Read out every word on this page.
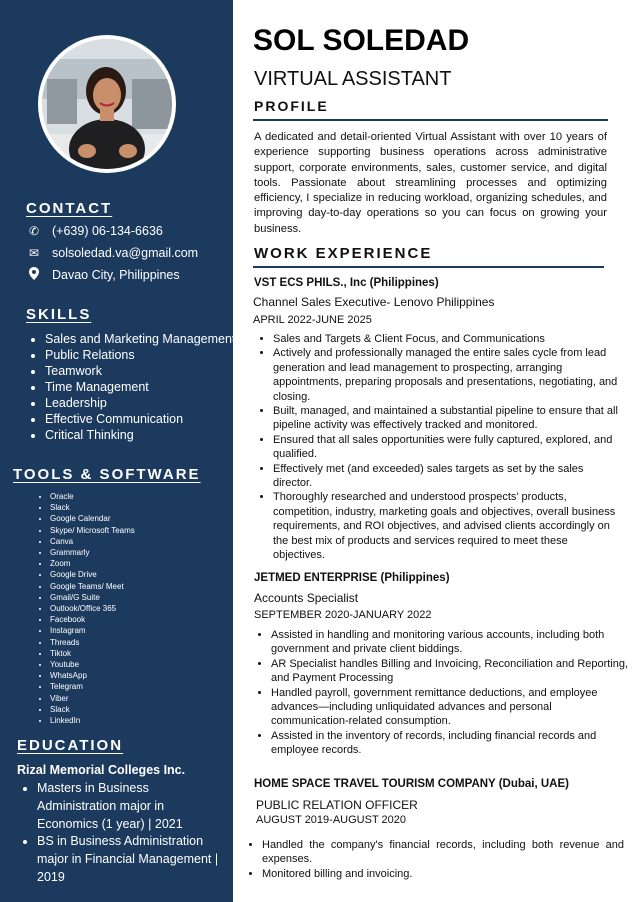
CONTACT
✆ (+639) 06-134-6636
✉ solsoledad.va@gmail.com
Davao City, Philippines
SKILLS
• Sales and Marketing Management
• Public Relations
• Teamwork
• Time Management
• Leadership
• Effective Communication
• Critical Thinking
TOOLS & SOFTWARE
• Oracle
• Slack
• Google Calendar
• Skype/ Microsoft Teams
• Canva
• Grammarly
• Zoom
• Google Drive
• Google Teams/ Meet
• Gmail/G Suite
• Outlook/Office 365
• Facebook
• Instagram
• Threads
• Tiktok
• Youtube
• WhatsApp
• Telegram
• Viber
• Slack
• LinkedIn
EDUCATION
Rizal Memorial Colleges Inc.
• Masters in Business Administration major in Economics (1 year) | 2021
• BS in Business Administration major in Financial Management | 2019
SOL SOLEDAD
VIRTUAL ASSISTANT
PROFILE
A dedicated and detail-oriented Virtual Assistant with over 10 years of experience supporting business operations across administrative support, corporate environments, sales, customer service, and digital tools. Passionate about streamlining processes and optimizing efficiency, I specialize in reducing workload, organizing schedules, and improving day-to-day operations so you can focus on growing your business.
WORK EXPERIENCE
VST ECS PHILS., Inc (Philippines)
Channel Sales Executive- Lenovo Philippines
APRIL 2022-JUNE 2025
• Sales and Targets & Client Focus, and Communications
• Actively and professionally managed the entire sales cycle from lead generation and lead management to prospecting, arranging appointments, preparing proposals and presentations, negotiating, and closing.
• Built, managed, and maintained a substantial pipeline to ensure that all pipeline activity was effectively tracked and monitored.
• Ensured that all sales opportunities were fully captured, explored, and qualified.
• Effectively met (and exceeded) sales targets as set by the sales director.
• Thoroughly researched and understood prospects’ products, competition, industry, marketing goals and objectives, overall business requirements, and ROI objectives, and advised clients accordingly on the best mix of products and services required to meet these objectives.
JETMED ENTERPRISE (Philippines)
Accounts Specialist
SEPTEMBER 2020-JANUARY 2022
• Assisted in handling and monitoring various accounts, including both government and private client biddings.
• AR Specialist handles Billing and Invoicing, Reconciliation and Reporting, and Payment Processing
• Handled payroll, government remittance deductions, and employee advances—including unliquidated advances and personal communication-related consumption.
• Assisted in the inventory of records, including financial records and employee records.
HOME SPACE TRAVEL TOURISM COMPANY (Dubai, UAE)
PUBLIC RELATION OFFICER
AUGUST 2019-AUGUST 2020
• Handled the company's financial records, including both revenue and expenses.
• Monitored billing and invoicing.
